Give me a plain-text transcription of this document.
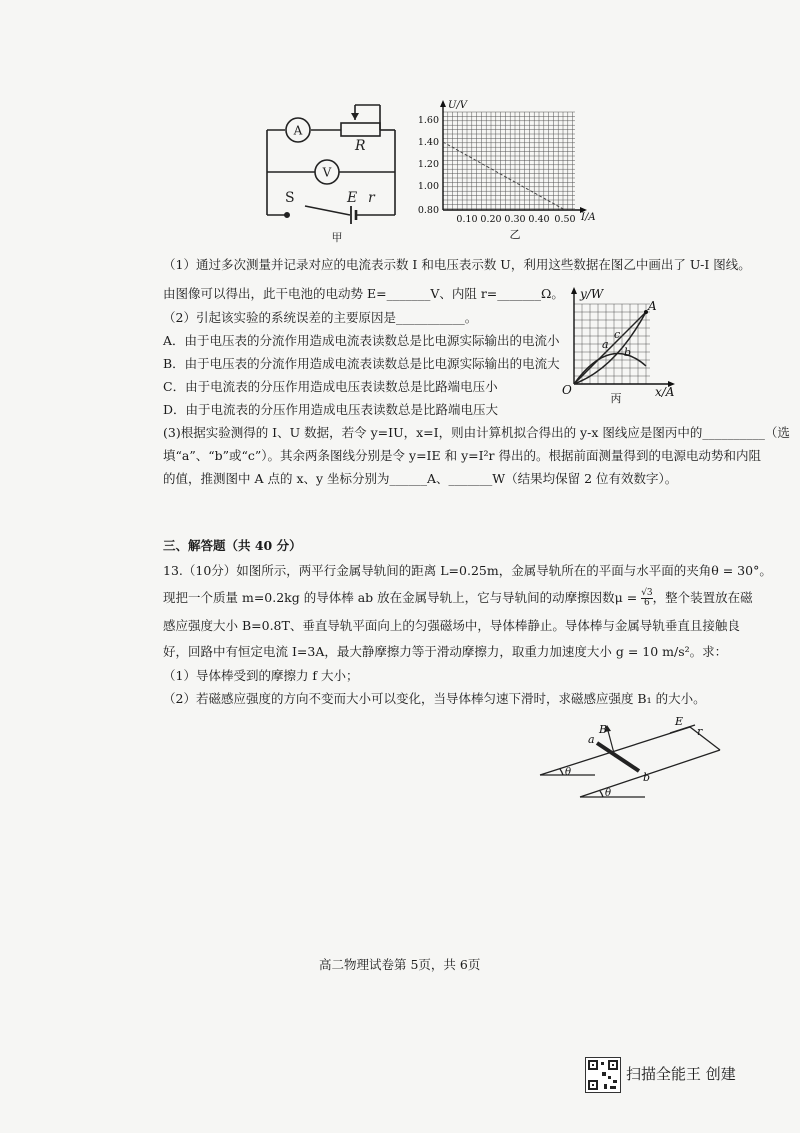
A
V
R
S	E r
甲
U/V
I/A
1.60
1.40
1.20
1.00
0.80
0.10 0.20 0.30 0.40 0.50
乙
y/W
x/A
O
A
a
b
c
丙
（1）通过多次测量并记录对应的电流表示数 I 和电压表示数 U，利用这些数据在图乙中画出了 U-I 图线。
由图像可以得出，此干电池的电动势 E=_______V、内阻 r=_______Ω。
（2）引起该实验的系统误差的主要原因是___________。
A．由于电压表的分流作用造成电流表读数总是比电源实际输出的电流小
B．由于电压表的分流作用造成电流表读数总是比电源实际输出的电流大
C．由于电流表的分压作用造成电压表读数总是比路端电压小
D．由于电流表的分压作用造成电压表读数总是比路端电压大
(3)根据实验测得的 I、U 数据，若令 y=IU，x=I，则由计算机拟合得出的 y-x 图线应是图丙中的__________（选
填“a”、“b”或“c”）。其余两条图线分别是令 y=IE 和 y=I²r 得出的。根据前面测量得到的电源电动势和内阻
的值，推测图中 A 点的 x、y 坐标分别为______A、_______W（结果均保留 2 位有效数字）。
三、解答题（共 40 分）
13.（10分）如图所示，两平行金属导轨间的距离 L=0.25m，金属导轨所在的平面与水平面的夹角θ = 30°。
现把一个质量 m=0.2kg 的导体棒 ab 放在金属导轨上，它与导轨间的动摩擦因数$\mu = \frac{√3}{6}$ ，整个装置放在磁
感应强度大小 B=0.8T、垂直导轨平面向上的匀强磁场中，导体棒静止。导体棒与金属导轨垂直且接触良
好，回路中有恒定电流 I=3A，最大静摩擦力等于滑动摩擦力，取重力加速度大小 g = 10 m/s²。求：
（1）导体棒受到的摩擦力 f 大小；
（2）若磁感应强度的方向不变而大小可以变化，当导体棒匀速下滑时，求磁感应强度 B₁ 的大小。
B
a
b
E
r
θ
θ
高二物理试卷第 5页，共 6页
扫描全能王 创建
